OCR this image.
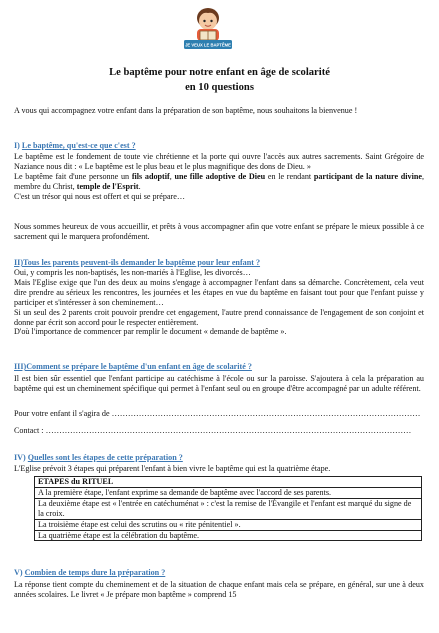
JE VEUX LE BAPTÊME
Le baptême pour notre enfant en âge de scolarité
en 10 questions
A vous qui accompagnez votre enfant dans la préparation de son baptême, nous souhaitons la bienvenue !
I) Le baptême, qu'est-ce que c'est ?

Le baptême est le fondement de toute vie chrétienne et la porte qui ouvre l'accès aux autres sacrements. Saint Grégoire de Naziance nous dit : « Le baptême est le plus beau et le plus magnifique des dons de Dieu. »

Le baptême fait d'une personne un fils adoptif, une fille adoptive de Dieu en le rendant participant de la nature divine, membre du Christ, temple de l'Esprit.

C'est un trésor qui nous est offert et qui se prépare…

Nous sommes heureux de vous accueillir, et prêts à vous accompagner afin que votre enfant se prépare le mieux possible à ce sacrement qui le marquera profondément.
II)Tous les parents peuvent-ils demander le baptême pour leur enfant ?

Oui, y compris les non-baptisés, les non-mariés à l'Eglise, les divorcés…

Mais l'Eglise exige que l'un des deux au moins s'engage à accompagner l'enfant dans sa démarche. Concrètement, cela veut dire prendre au sérieux les rencontres, les journées et les étapes en vue du baptême en faisant tout pour que l'enfant puisse y participer et s'intéresser à son cheminement…

Si un seul des 2 parents croit pouvoir prendre cet engagement, l'autre prend connaissance de l'engagement de son conjoint et donne par écrit son accord pour le respecter entièrement.

D'où l'importance de commencer par remplir le document « demande de baptême ».

III)Comment se prépare le baptême d'un enfant en âge de scolarité ?
Il est bien sûr essentiel que l'enfant participe au catéchisme à l'école ou sur la paroisse. S'ajoutera à cela la préparation au baptême qui est un cheminement spécifique qui permet à l'enfant seul ou en groupe d'être accompagné par un adulte référent.
Pour votre enfant il s'agira de ……………………………………………………………………………………………………
Contact : ………………………………………………………………………………………………………………………
IV) Quelles sont les étapes de cette préparation ?
L'Eglise prévoit 3 étapes qui préparent l'enfant à bien vivre le baptême qui est la quatrième étape.
ETAPES du RITUEL
A la première étape, l'enfant exprime sa demande de baptême avec l'accord de ses parents.
La deuxième étape est « l'entrée en catéchuménat » : c'est la remise de l'Évangile et l'enfant est marqué du signe de la croix.
La troisième étape est celui des scrutins ou « rite pénitentiel ».
La quatrième étape est la célébration du baptême.
V) Combien de temps dure la préparation ?
La réponse tient compte du cheminement et de la situation de chaque enfant mais cela se prépare, en général, sur une à deux années scolaires. Le livret « Je prépare mon baptême » comprend 15
